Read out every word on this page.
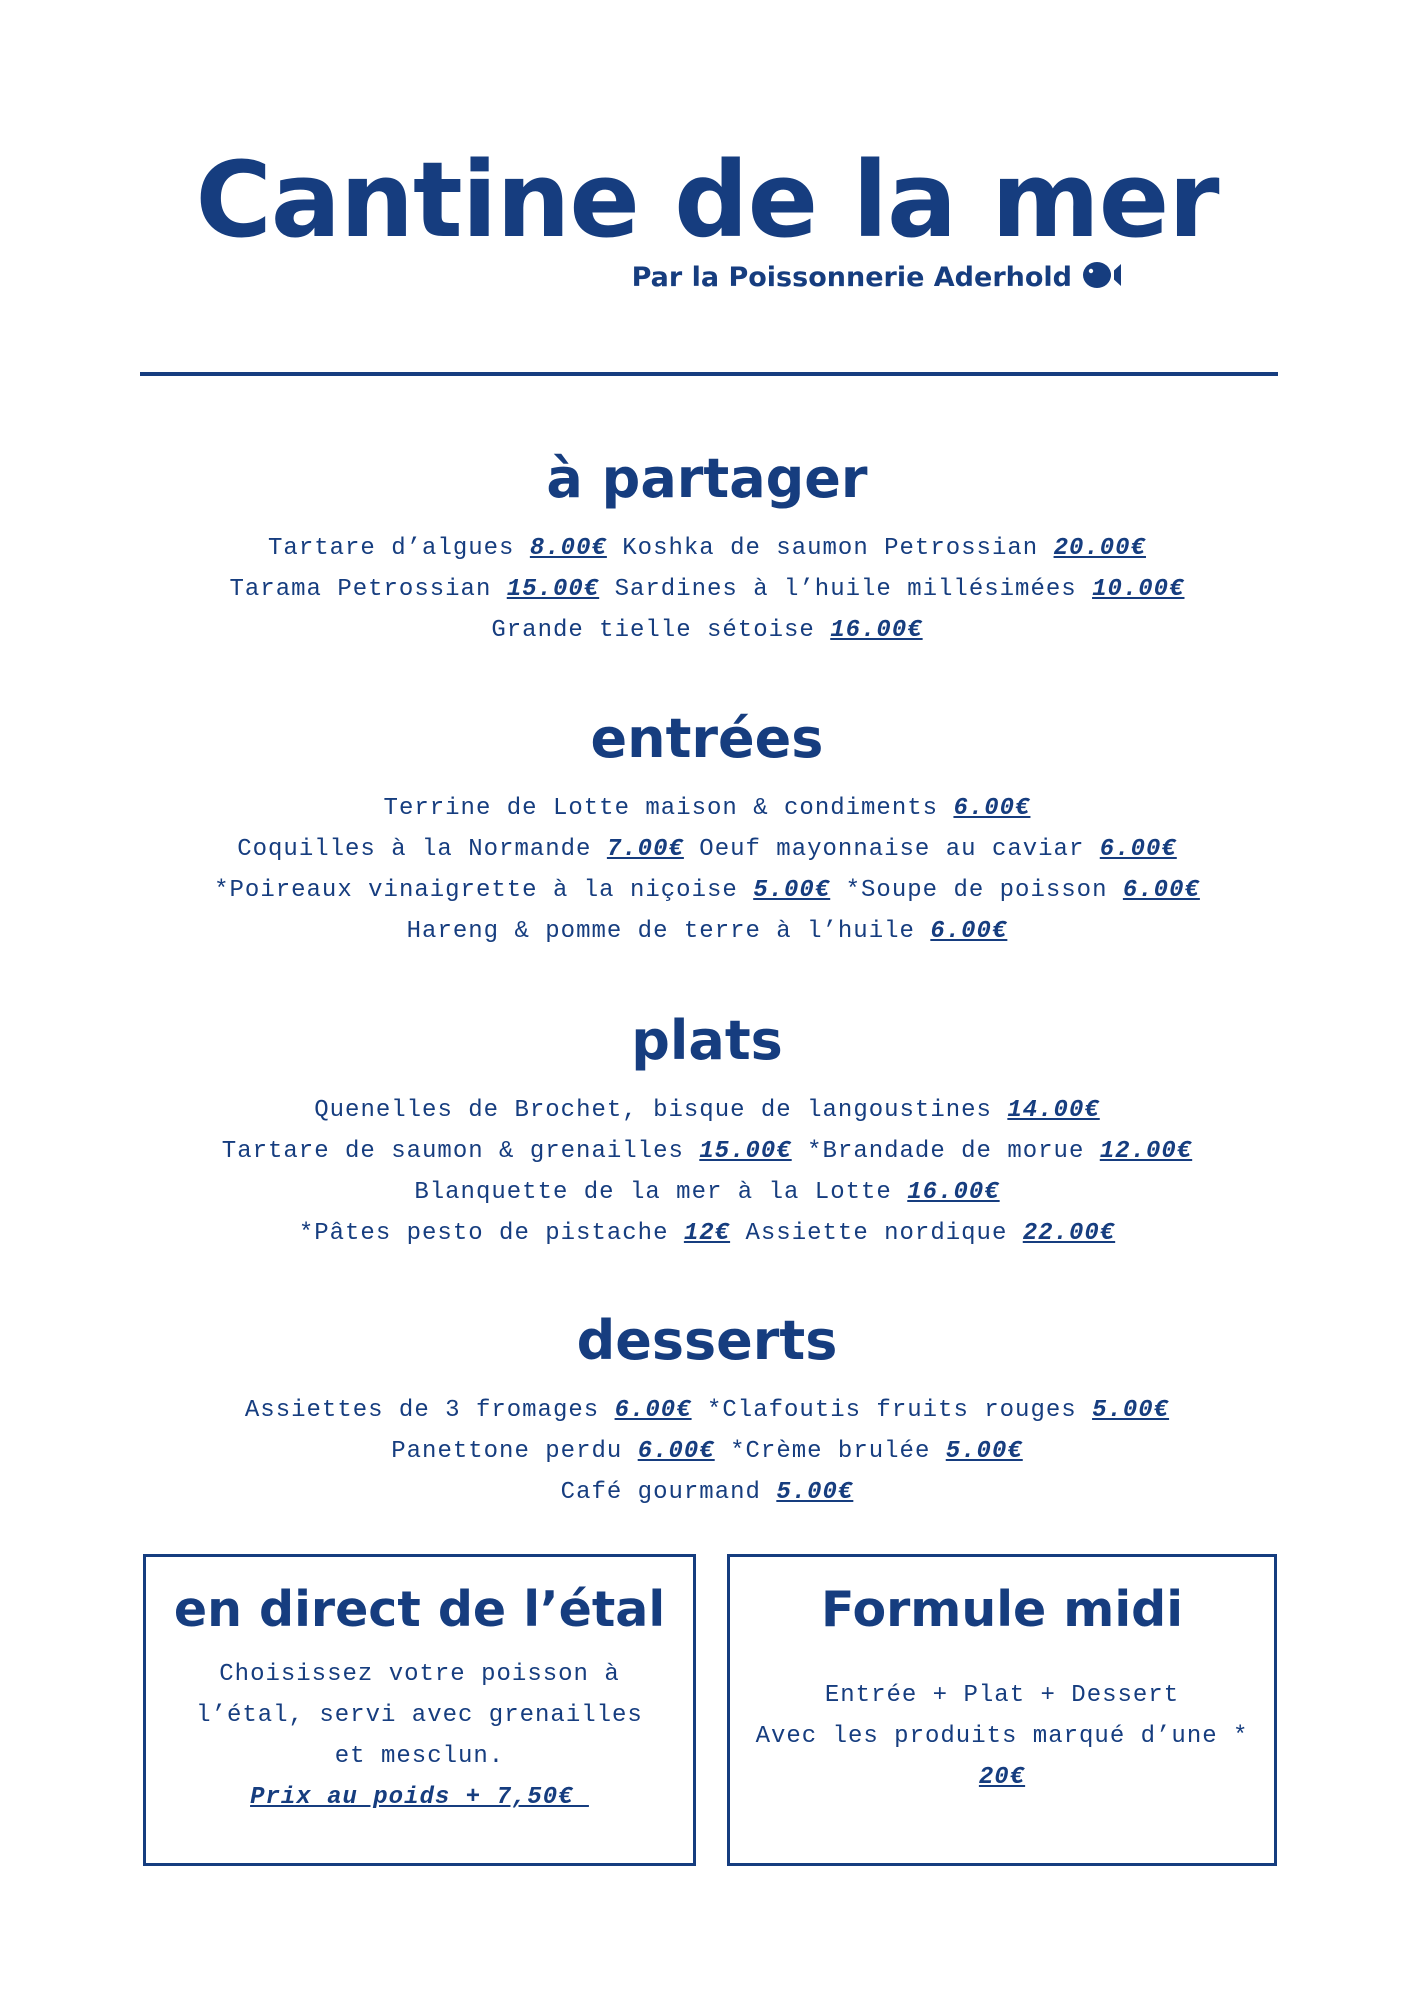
Cantine de la mer
Par la Poissonnerie Aderhold
à partager
Tartare d’algues 8.00€ Koshka de saumon Petrossian 20.00€
Tarama Petrossian 15.00€ Sardines à l’huile millésimées 10.00€
Grande tielle sétoise 16.00€
entrées
Terrine de Lotte maison & condiments 6.00€
Coquilles à la Normande 7.00€ Oeuf mayonnaise au caviar 6.00€
*Poireaux vinaigrette à la niçoise 5.00€ *Soupe de poisson 6.00€
Hareng & pomme de terre à l’huile 6.00€
plats
Quenelles de Brochet, bisque de langoustines 14.00€
Tartare de saumon & grenailles 15.00€ *Brandade de morue 12.00€
Blanquette de la mer à la Lotte 16.00€
*Pâtes pesto de pistache 12€ Assiette nordique 22.00€
desserts
Assiettes de 3 fromages 6.00€ *Clafoutis fruits rouges 5.00€
Panettone perdu 6.00€ *Crème brulée 5.00€
Café gourmand 5.00€
en direct de l’étal
Choisissez votre poisson à
l’étal, servi avec grenailles
et mesclun.
Prix au poids + 7,50€
Formule midi
Entrée + Plat + Dessert
Avec les produits marqué d’une *
20€
